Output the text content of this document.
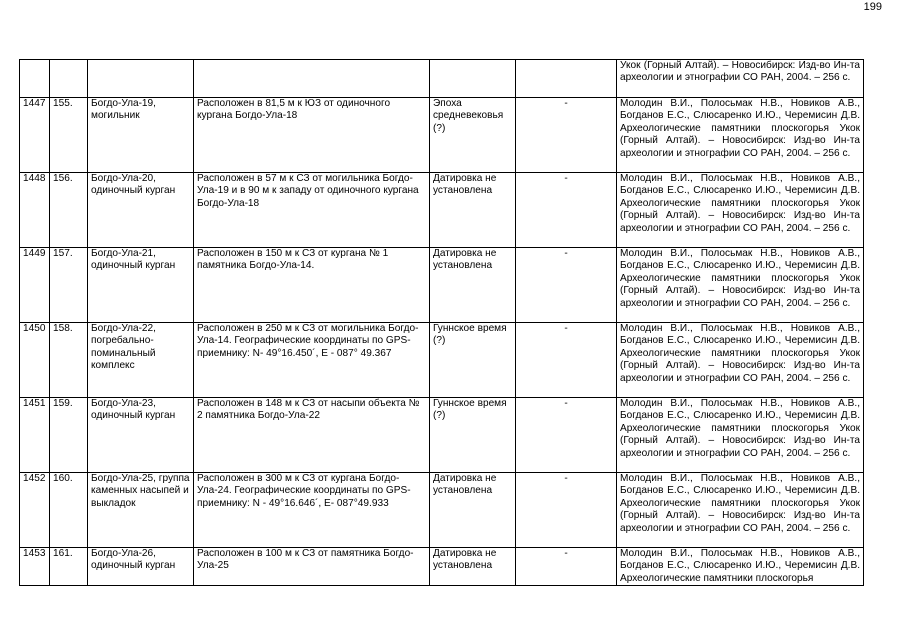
199
						Укок (Горный Алтай). – Новосибирск: Изд-во Ин-та археологии и этнографии СО РАН, 2004. – 256 с.
1447	155.	Богдо-Ула-19, могильник	Расположен в 81,5 м к ЮЗ от одиночного кургана Богдо-Ула-18	Эпоха средневековья (?)	-	Молодин В.И., Полосьмак Н.В., Новиков А.В., Богданов Е.С., Слюсаренко И.Ю., Черемисин Д.В. Археологические памятники плоскогорья Укок (Горный Алтай). – Новосибирск: Изд-во Ин-та археологии и этнографии СО РАН, 2004. – 256 с.
1448	156.	Богдо-Ула-20, одиночный курган	Расположен в 57 м к СЗ от могильника Богдо-Ула-19 и в 90 м к западу от одиночного кургана Богдо-Ула-18	Датировка не установлена	-	Молодин В.И., Полосьмак Н.В., Новиков А.В., Богданов Е.С., Слюсаренко И.Ю., Черемисин Д.В. Археологические памятники плоскогорья Укок (Горный Алтай). – Новосибирск: Изд-во Ин-та археологии и этнографии СО РАН, 2004. – 256 с.
1449	157.	Богдо-Ула-21, одиночный курган	Расположен в 150 м к СЗ от кургана № 1 памятника Богдо-Ула-14.	Датировка не установлена	-	Молодин В.И., Полосьмак Н.В., Новиков А.В., Богданов Е.С., Слюсаренко И.Ю., Черемисин Д.В. Археологические памятники плоскогорья Укок (Горный Алтай). – Новосибирск: Изд-во Ин-та археологии и этнографии СО РАН, 2004. – 256 с.
1450	158.	Богдо-Ула-22, погребально-поминальный комплекс	Расположен в 250 м к СЗ от могильника Богдо-Ула-14. Географические координаты по GPS-приемнику: N- 49°16.450´, E - 087° 49.367	Гуннское время (?)	-	Молодин В.И., Полосьмак Н.В., Новиков А.В., Богданов Е.С., Слюсаренко И.Ю., Черемисин Д.В. Археологические памятники плоскогорья Укок (Горный Алтай). – Новосибирск: Изд-во Ин-та археологии и этнографии СО РАН, 2004. – 256 с.
1451	159.	Богдо-Ула-23, одиночный курган	Расположен в 148 м к СЗ от насыпи объекта № 2 памятника Богдо-Ула-22	Гуннское время (?)	-	Молодин В.И., Полосьмак Н.В., Новиков А.В., Богданов Е.С., Слюсаренко И.Ю., Черемисин Д.В. Археологические памятники плоскогорья Укок (Горный Алтай). – Новосибирск: Изд-во Ин-та археологии и этнографии СО РАН, 2004. – 256 с.
1452	160.	Богдо-Ула-25, группа каменных насыпей и выкладок	Расположен в 300 м к СЗ от кургана Богдо-Ула-24. Географические координаты по GPS-приемнику: N - 49°16.646´, E- 087°49.933	Датировка не установлена	-	Молодин В.И., Полосьмак Н.В., Новиков А.В., Богданов Е.С., Слюсаренко И.Ю., Черемисин Д.В. Археологические памятники плоскогорья Укок (Горный Алтай). – Новосибирск: Изд-во Ин-та археологии и этнографии СО РАН, 2004. – 256 с.
1453	161.	Богдо-Ула-26, одиночный курган	Расположен в 100 м к СЗ от памятника Богдо-Ула-25	Датировка не установлена	-	Молодин В.И., Полосьмак Н.В., Новиков А.В., Богданов Е.С., Слюсаренко И.Ю., Черемисин Д.В. Археологические памятники плоскогорья
